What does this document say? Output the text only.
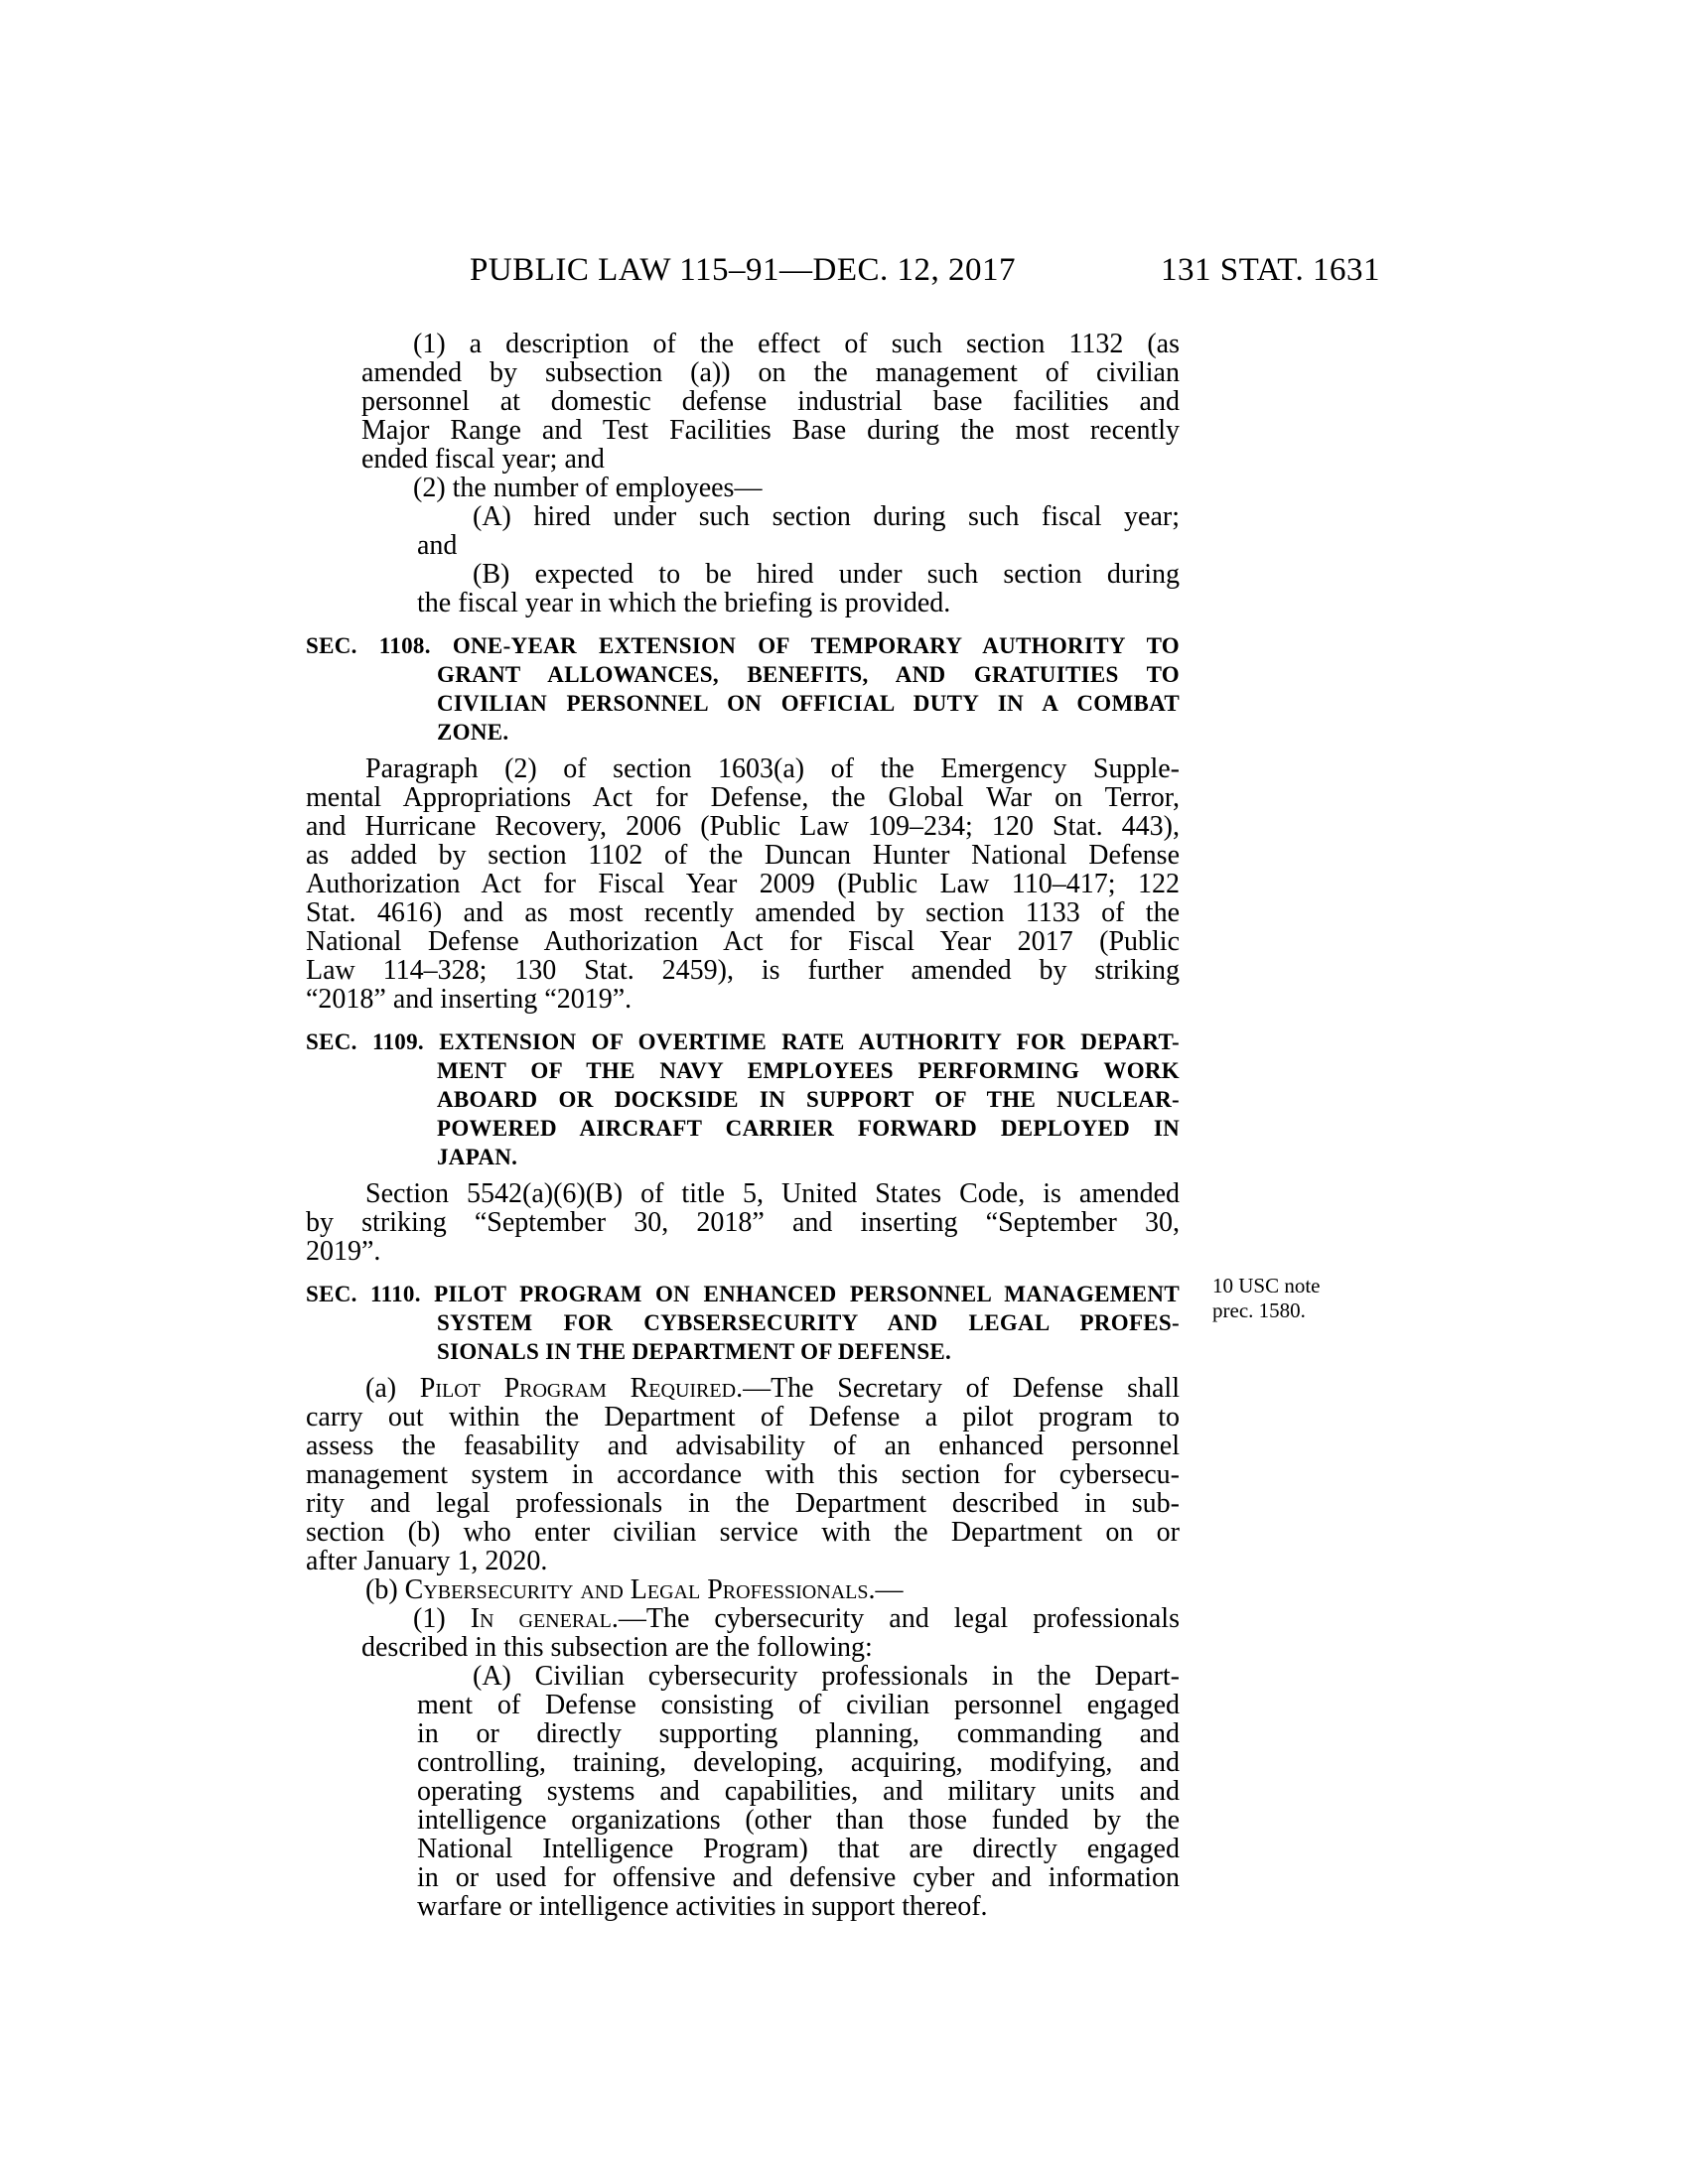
PUBLIC LAW 115–91—DEC. 12, 2017	131 STAT. 1631
(1) a description of the effect of such section 1132 (as
amended by subsection (a)) on the management of civilian
personnel at domestic defense industrial base facilities and
Major Range and Test Facilities Base during the most recently
ended fiscal year; and
(2) the number of employees—
(A) hired under such section during such fiscal year;
and
(B) expected to be hired under such section during
the fiscal year in which the briefing is provided.
SEC. 1108. ONE-YEAR EXTENSION OF TEMPORARY AUTHORITY TO
GRANT ALLOWANCES, BENEFITS, AND GRATUITIES TO
CIVILIAN PERSONNEL ON OFFICIAL DUTY IN A COMBAT
ZONE.
Paragraph (2) of section 1603(a) of the Emergency Supple-
mental Appropriations Act for Defense, the Global War on Terror,
and Hurricane Recovery, 2006 (Public Law 109–234; 120 Stat. 443),
as added by section 1102 of the Duncan Hunter National Defense
Authorization Act for Fiscal Year 2009 (Public Law 110–417; 122
Stat. 4616) and as most recently amended by section 1133 of the
National Defense Authorization Act for Fiscal Year 2017 (Public
Law 114–328; 130 Stat. 2459), is further amended by striking
“2018” and inserting “2019”.
SEC. 1109. EXTENSION OF OVERTIME RATE AUTHORITY FOR DEPART-
MENT OF THE NAVY EMPLOYEES PERFORMING WORK
ABOARD OR DOCKSIDE IN SUPPORT OF THE NUCLEAR-
POWERED AIRCRAFT CARRIER FORWARD DEPLOYED IN
JAPAN.
Section 5542(a)(6)(B) of title 5, United States Code, is amended
by striking “September 30, 2018” and inserting “September 30,
2019”.
SEC. 1110. PILOT PROGRAM ON ENHANCED PERSONNEL MANAGEMENT
SYSTEM FOR CYBSERSECURITY AND LEGAL PROFES-
SIONALS IN THE DEPARTMENT OF DEFENSE.
(a) Pilot Program Required.—The Secretary of Defense shall
carry out within the Department of Defense a pilot program to
assess the feasability and advisability of an enhanced personnel
management system in accordance with this section for cybersecu-
rity and legal professionals in the Department described in sub-
section (b) who enter civilian service with the Department on or
after January 1, 2020.
(b) Cybersecurity and Legal Professionals.—
(1) In general.—The cybersecurity and legal professionals
described in this subsection are the following:
(A) Civilian cybersecurity professionals in the Depart-
ment of Defense consisting of civilian personnel engaged
in or directly supporting planning, commanding and
controlling, training, developing, acquiring, modifying, and
operating systems and capabilities, and military units and
intelligence organizations (other than those funded by the
National Intelligence Program) that are directly engaged
in or used for offensive and defensive cyber and information
warfare or intelligence activities in support thereof.
10 USC note
prec. 1580.
